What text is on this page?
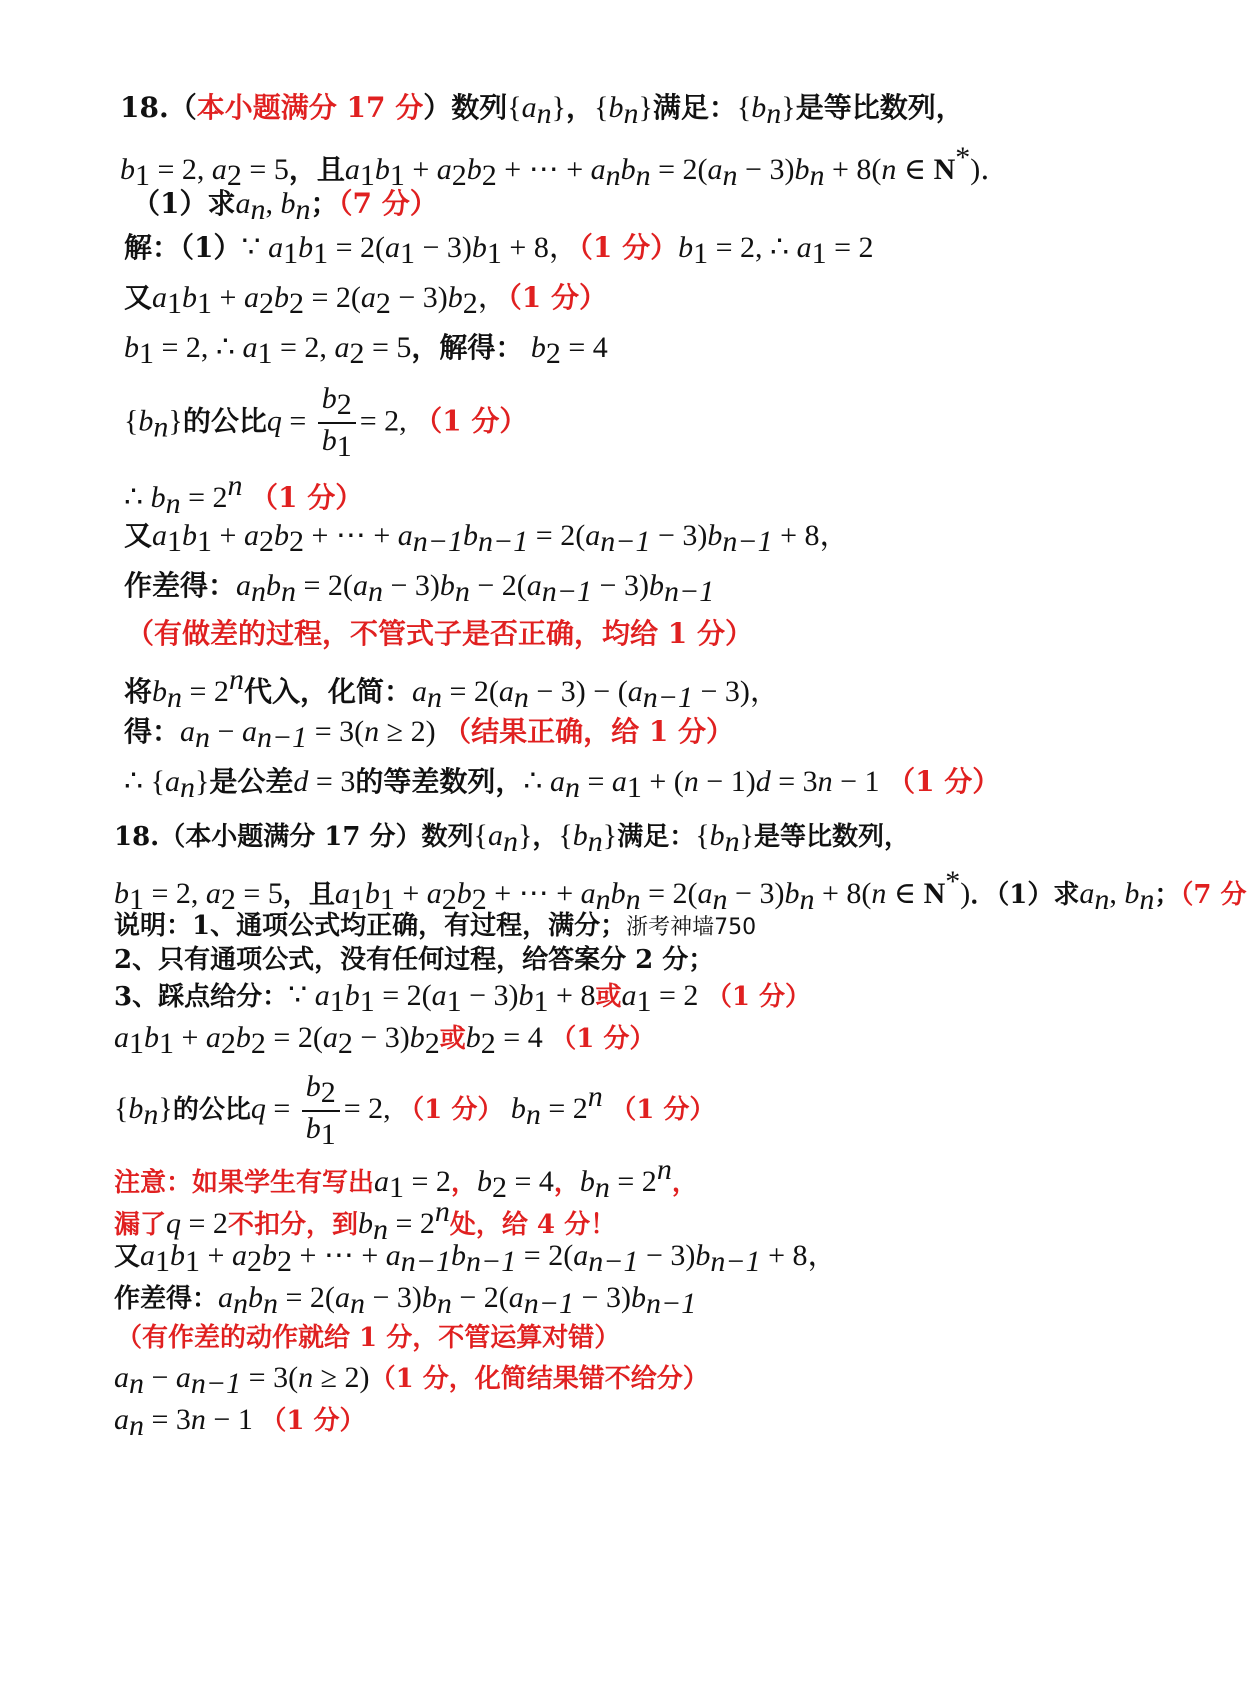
18.（本小题满分 17 分）数列$\{a_n\}$，$\{b_n\}$满足：$\{b_n\}$是等比数列，
$b_1 = 2$, $a_2 = 5$，且$a_1b_1 + a_2b_2$ + ⋯ + $a_nb_n = 2(a_n - 3)b_n + 8(n$ ∈ N*)．
（1）求$a_n$, $b_n$；（7 分）
解：（1）∵ $a_1b_1 = 2(a_1 - 3)b_1 + 8$，（1 分）$b_1 = 2$, ∴ $a_1 = 2$
又$a_1b_1 + a_2b_2 = 2(a_2 - 3)b_2$，（1 分）
$b_1 = 2$, ∴ $a_1 = 2$, $a_2 = 5$，解得： $b_2 = 4$
$\{b_n\}$的公比$q = \frac{b_2}{b_1} = 2$, （1 分）
∴ $b_n = 2^n$ （1 分）
又$a_1b_1 + a_2b_2$ + ⋯ + $a_{n-1}b_{n-1} = 2(a_{n-1} - 3)b_{n-1} + 8$，
作差得：$a_nb_n = 2(a_n - 3)b_n - 2(a_{n-1} - 3)b_{n-1}$
（有做差的过程，不管式子是否正确，均给 1 分）
将$b_n = 2^n$代入，化简：$a_n = 2(a_n - 3) - (a_{n-1} - 3)$，
得：$a_n - a_{n-1} = 3(n \ge 2)$ （结果正确，给 1 分）
∴ $\{a_n\}$是公差d = 3的等差数列，∴ $a_n = a_1 + (n - 1)d = 3n - 1$ （1 分）
18.（本小题满分 17 分）数列$\{a_n\}$，$\{b_n\}$满足：$\{b_n\}$是等比数列，
$b_1 = 2$, $a_2 = 5$，且$a_1b_1 + a_2b_2$ + ⋯ + $a_nb_n = 2(a_n - 3)b_n + 8(n$ ∈ N*)．（1）求$a_n$, $b_n$；（7 分
说明：1、通项公式均正确，有过程，满分；浙考神墙750
2、只有通项公式，没有任何过程，给答案分 2 分；
3、踩点给分：∵ $a_1b_1 = 2(a_1 - 3)b_1 + 8$或$a_1 = 2$ （1 分）
$a_1b_1 + a_2b_2 = 2(a_2 - 3)b_2$或$b_2 = 4$ （1 分）
$\{b_n\}$的公比$q = \frac{b_2}{b_1} = 2$, （1 分） $b_n = 2^n$ （1 分）
注意：如果学生有写出$a_1 = 2$，$b_2 = 4$，$b_n = 2^n$，
漏了q = 2不扣分，到$b_n = 2^n$处，给 4 分！
又$a_1b_1 + a_2b_2$ + ⋯ + $a_{n-1}b_{n-1} = 2(a_{n-1} - 3)b_{n-1} + 8$，
作差得：$a_nb_n = 2(a_n - 3)b_n - 2(a_{n-1} - 3)b_{n-1}$
（有作差的动作就给 1 分，不管运算对错）
$a_n - a_{n-1} = 3(n \ge 2)(1$ 分，化简结果错不给分）
$a_n = 3n - 1$ （1 分）
